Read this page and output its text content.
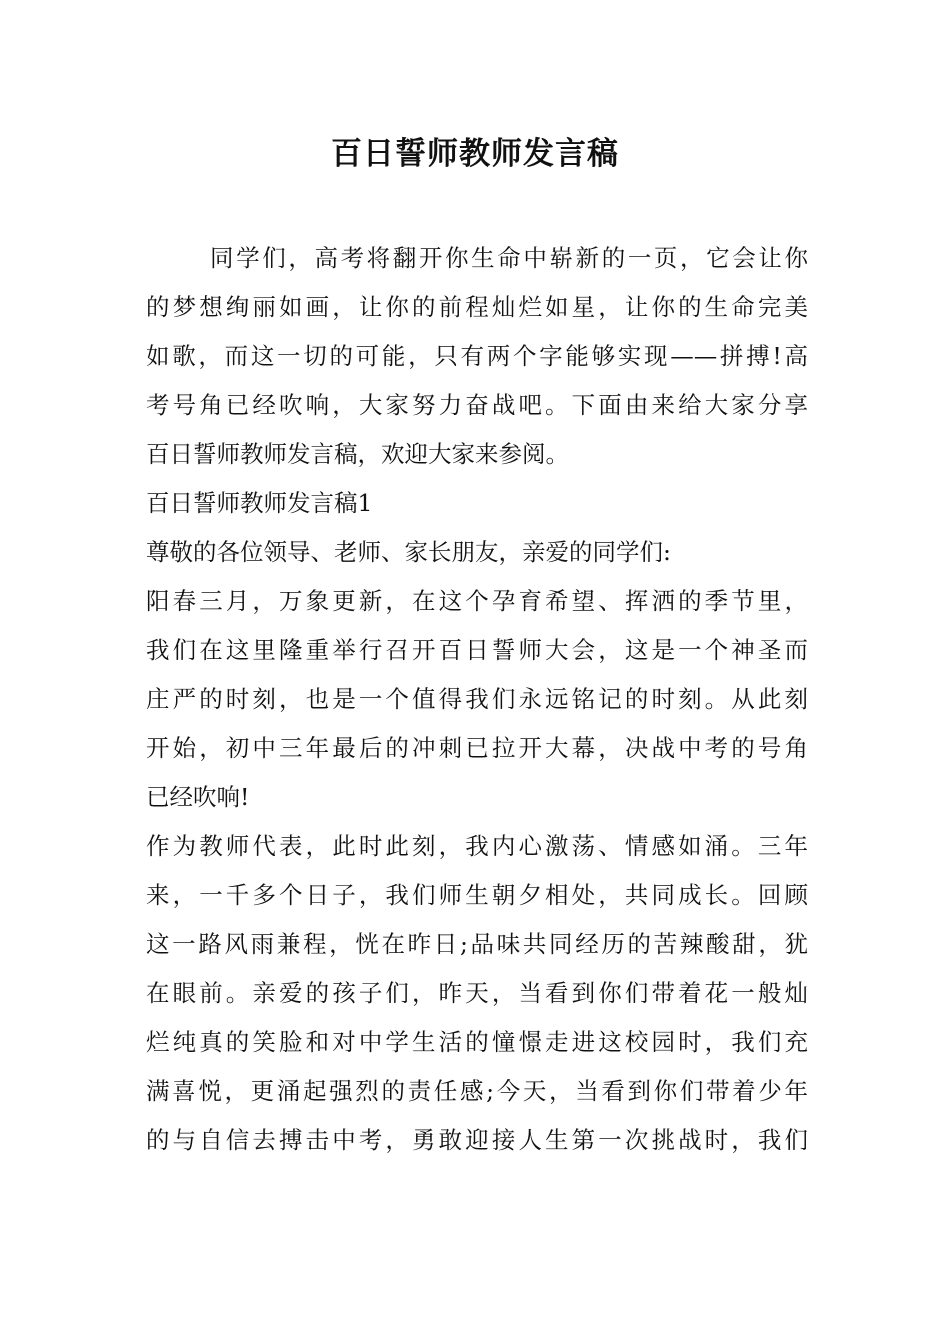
百日誓师教师发言稿
同学们，高考将翻开你生命中崭新的一页，它会让你
的梦想绚丽如画，让你的前程灿烂如星，让你的生命完美
如歌，而这一切的可能，只有两个字能够实现——拼搏!高
考号角已经吹响，大家努力奋战吧。下面由来给大家分享
百日誓师教师发言稿，欢迎大家来参阅。
百日誓师教师发言稿1
尊敬的各位领导、老师、家长朋友，亲爱的同学们:
阳春三月，万象更新，在这个孕育希望、挥洒的季节里，
我们在这里隆重举行召开百日誓师大会，这是一个神圣而
庄严的时刻，也是一个值得我们永远铭记的时刻。从此刻
开始，初中三年最后的冲刺已拉开大幕，决战中考的号角
已经吹响!
作为教师代表，此时此刻，我内心激荡、情感如涌。三年
来，一千多个日子，我们师生朝夕相处，共同成长。回顾
这一路风雨兼程，恍在昨日;品味共同经历的苦辣酸甜，犹
在眼前。亲爱的孩子们，昨天，当看到你们带着花一般灿
烂纯真的笑脸和对中学生活的憧憬走进这校园时，我们充
满喜悦，更涌起强烈的责任感;今天，当看到你们带着少年
的与自信去搏击中考，勇敢迎接人生第一次挑战时，我们
